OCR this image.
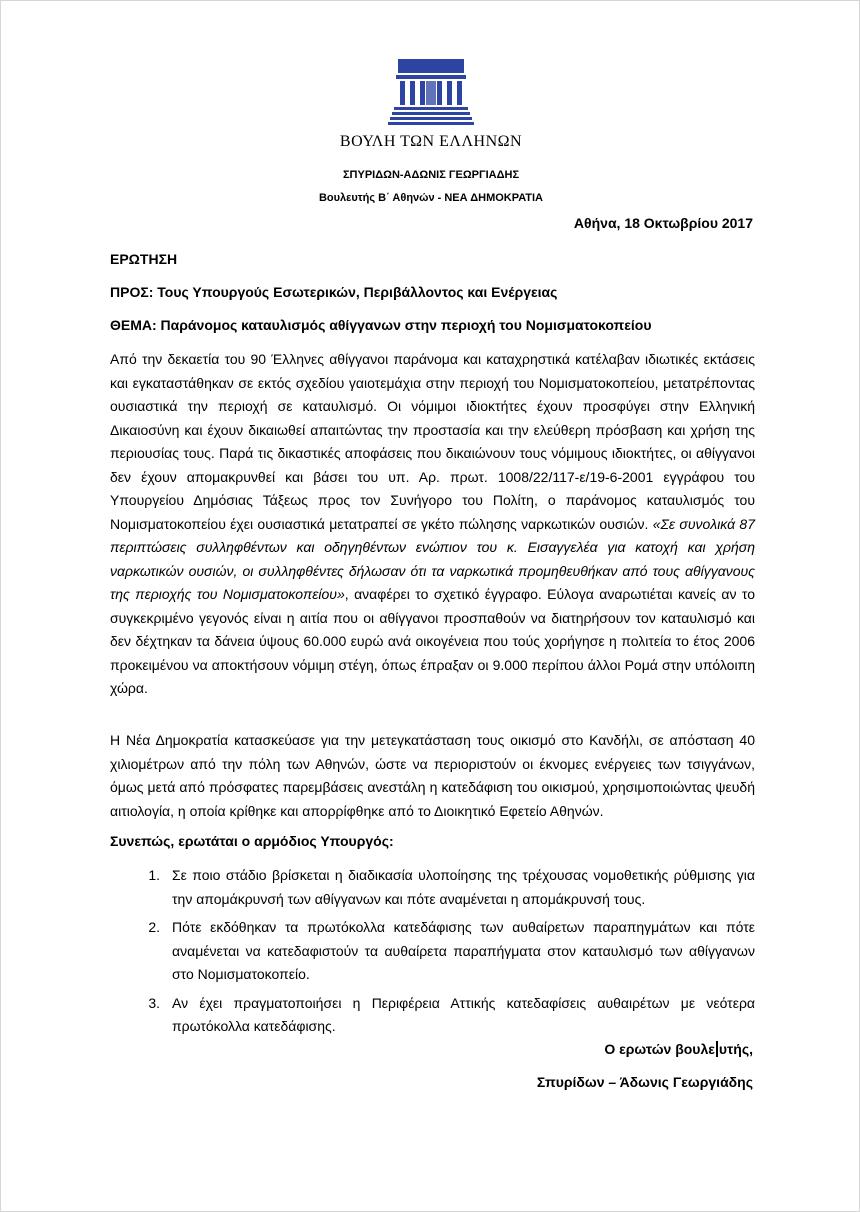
ΒΟΥΛΗ ΤΩΝ ΕΛΛΗΝΩΝ
ΣΠΥΡΙΔΩΝ-ΑΔΩΝΙΣ ΓΕΩΡΓΙΑΔΗΣ
Βουλευτής Β΄ Αθηνών - ΝΕΑ ΔΗΜΟΚΡΑΤΙΑ
Αθήνα, 18 Οκτωβρίου 2017
ΕΡΩΤΗΣΗ
ΠΡΟΣ: Τους Υπουργούς Εσωτερικών, Περιβάλλοντος και Ενέργειας
ΘΕΜΑ: Παράνομος καταυλισμός αθίγγανων στην περιοχή του Νομισματοκοπείου
Από την δεκαετία του 90 Έλληνες αθίγγανοι παράνομα και καταχρηστικά κατέλαβαν ιδιωτικές εκτάσεις και εγκαταστάθηκαν σε εκτός σχεδίου γαιοτεμάχια στην περιοχή του Νομισματοκοπείου, μετατρέποντας ουσιαστικά την περιοχή σε καταυλισμό. Οι νόμιμοι ιδιοκτήτες έχουν προσφύγει στην Ελληνική Δικαιοσύνη και έχουν δικαιωθεί απαιτώντας την προστασία και την ελεύθερη πρόσβαση και χρήση της περιουσίας τους. Παρά τις δικαστικές αποφάσεις που δικαιώνουν τους νόμιμους ιδιοκτήτες, οι αθίγγανοι δεν έχουν απομακρυνθεί και βάσει του υπ. Αρ. πρωτ. 1008/22/117-ε/19-6-2001 εγγράφου του Υπουργείου Δημόσιας Τάξεως προς τον Συνήγορο του Πολίτη, ο παράνομος καταυλισμός του Νομισματοκοπείου έχει ουσιαστικά μετατραπεί σε γκέτο πώλησης ναρκωτικών ουσιών. «Σε συνολικά 87 περιπτώσεις συλληφθέντων και οδηγηθέντων ενώπιον του κ. Εισαγγελέα για κατοχή και χρήση ναρκωτικών ουσιών, οι συλληφθέντες δήλωσαν ότι τα ναρκωτικά προμηθευθήκαν από τους αθίγγανους της περιοχής του Νομισματοκοπείου», αναφέρει το σχετικό έγγραφο. Εύλογα αναρωτιέται κανείς αν το συγκεκριμένο γεγονός είναι η αιτία που οι αθίγγανοι προσπαθούν να διατηρήσουν τον καταυλισμό και δεν δέχτηκαν τα δάνεια ύψους 60.000 ευρώ ανά οικογένεια που τούς χορήγησε η πολιτεία το έτος 2006 προκειμένου να αποκτήσουν νόμιμη στέγη, όπως έπραξαν οι 9.000 περίπου άλλοι Ρομά στην υπόλοιπη χώρα.
Η Νέα Δημοκρατία κατασκεύασε για την μετεγκατάσταση τους οικισμό στο Κανδήλι, σε απόσταση 40 χιλιομέτρων από την πόλη των Αθηνών, ώστε να περιοριστούν οι έκνομες ενέργειες των τσιγγάνων, όμως μετά από πρόσφατες παρεμβάσεις ανεστάλη η κατεδάφιση του οικισμού, χρησιμοποιώντας ψευδή αιτιολογία, η οποία κρίθηκε και απορρίφθηκε από το Διοικητικό Εφετείο Αθηνών.
Συνεπώς, ερωτάται ο αρμόδιος Υπουργός:
1. Σε ποιο στάδιο βρίσκεται η διαδικασία υλοποίησης της τρέχουσας νομοθετικής ρύθμισης για την απομάκρυνσή των αθίγγανων και πότε αναμένεται η απομάκρυνσή τους.
2. Πότε εκδόθηκαν τα πρωτόκολλα κατεδάφισης των αυθαίρετων παραπηγμάτων και πότε αναμένεται να κατεδαφιστούν τα αυθαίρετα παραπήγματα στον καταυλισμό των αθίγγανων στο Νομισματοκοπείο.
3. Αν έχει πραγματοποιήσει η Περιφέρεια Αττικής κατεδαφίσεις αυθαιρέτων με νεότερα πρωτόκολλα κατεδάφισης.
Ο ερωτών βουλε υτής,
Σπυρίδων – Άδωνις Γεωργιάδης
